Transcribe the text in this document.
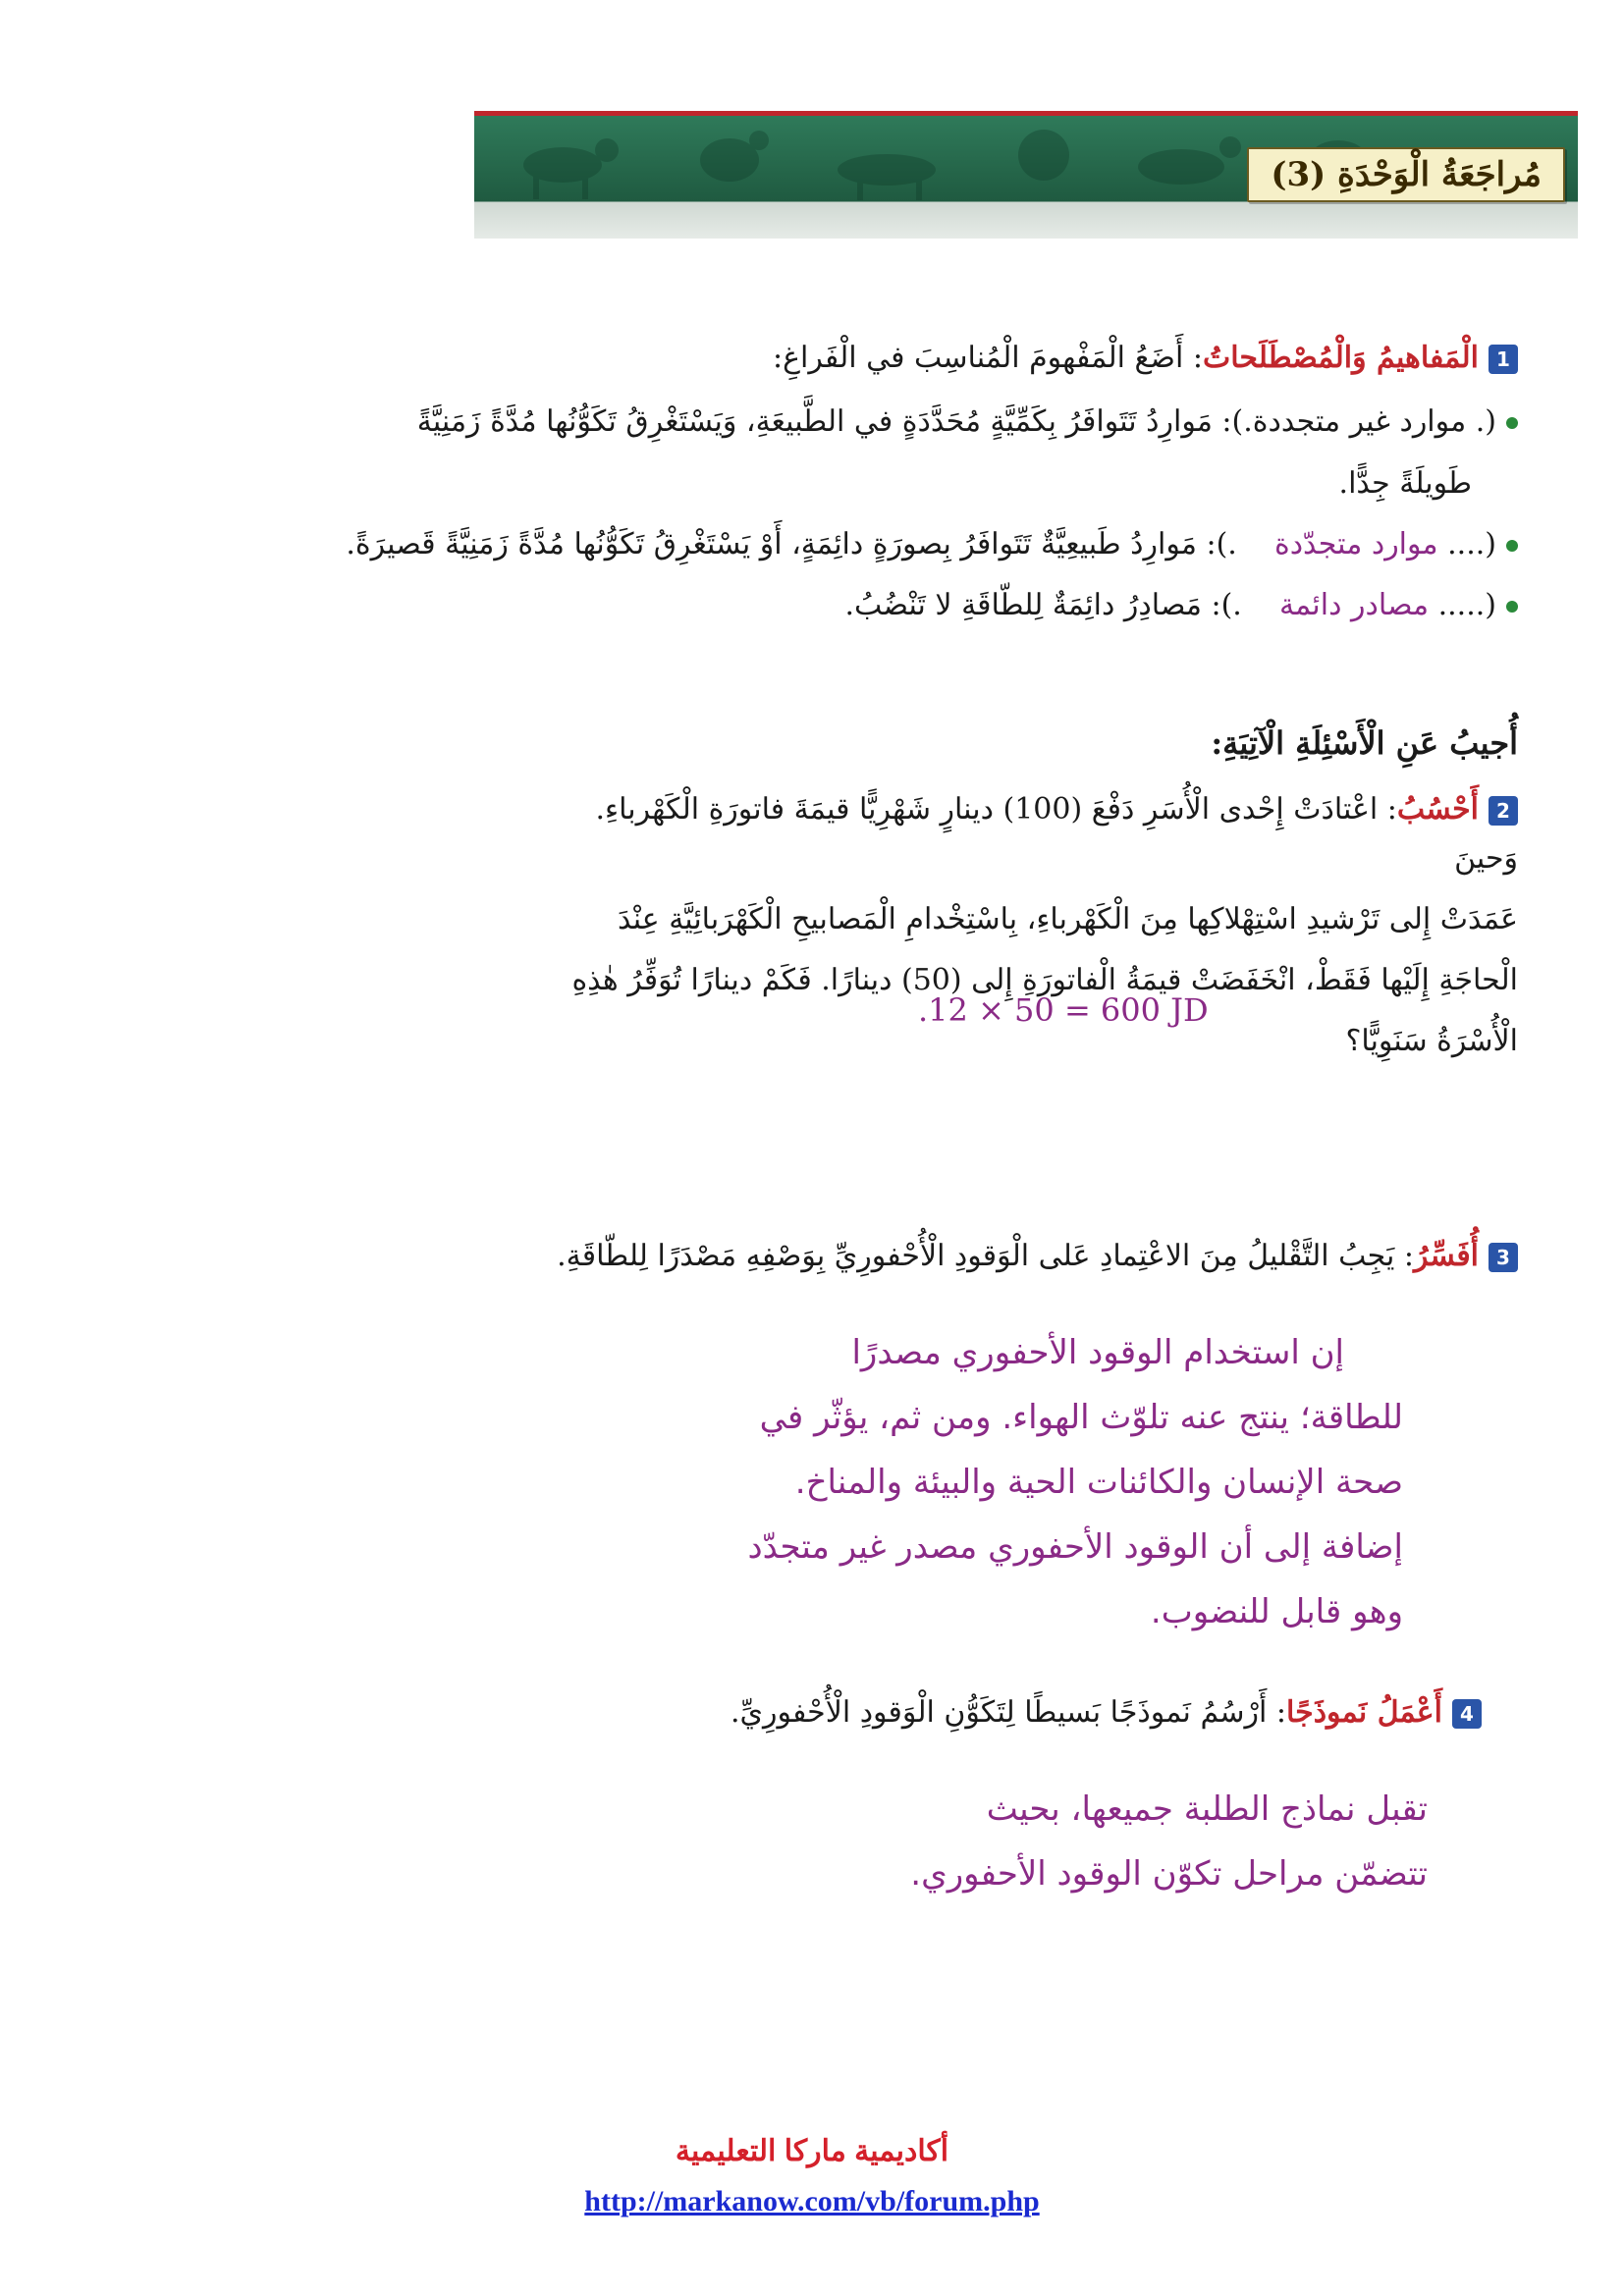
مُراجَعَةُ الْوَحْدَةِ (3)
1الْمَفاهيمُ وَالْمُصْطَلَحاتُ: أَضَعُ الْمَفْهومَ الْمُناسِبَ في الْفَراغِ:
(. موارد غير متجددة.): مَوارِدُ تَتَوافَرُ بِكَمِّيَّةٍ مُحَدَّدَةٍ في الطَّبيعَةِ، وَيَسْتَغْرِقُ تَكَوُّنُها مُدَّةً زَمَنِيَّةً
طَويلَةً جِدًّا.
(.... موارد متجدّدة    .): مَوارِدُ طَبيعِيَّةٌ تَتَوافَرُ بِصورَةٍ دائِمَةٍ، أَوْ يَسْتَغْرِقُ تَكَوُّنُها مُدَّةً زَمَنِيَّةً قَصيرَةً.
(..... مصادر دائمة    .): مَصادِرُ دائِمَةٌ لِلطّاقَةِ لا تَنْضُبُ.
أُجيبُ عَنِ الْأَسْئِلَةِ الْآتِيَةِ:
2أَحْسُبُ: اعْتادَتْ إِحْدى الْأُسَرِ دَفْعَ (100) دينارٍ شَهْرِيًّا قيمَةَ فاتورَةِ الْكَهْرباءِ. وَحينَ
عَمَدَتْ إِلى تَرْشيدِ اسْتِهْلاكِها مِنَ الْكَهْرباءِ، بِاسْتِخْدامِ الْمَصابيحِ الْكَهْرَبائِيَّةِ عِنْدَ
الْحاجَةِ إِلَيْها فَقَطْ، انْخَفَضَتْ قيمَةُ الْفاتورَةِ إِلى (50) دينارًا. فَكَمْ دينارًا تُوَفِّرُ هٰذِهِ
الْأُسْرَةُ سَنَوِيًّا؟
.12 × 50 = 600 JD
3أُفَسِّرُ: يَجِبُ التَّقْليلُ مِنَ الاعْتِمادِ عَلى الْوَقودِ الْأُحْفورِيِّ بِوَصْفِهِ مَصْدَرًا لِلطّاقَةِ.
إن استخدام الوقود الأحفوري مصدرًا
للطاقة؛ ينتج عنه تلوّث الهواء. ومن ثم، يؤثّر في
صحة الإنسان والكائنات الحية والبيئة والمناخ.
إضافة إلى أن الوقود الأحفوري مصدر غير متجدّد
وهو قابل للنضوب.
4أَعْمَلُ نَموذَجًا: أَرْسُمُ نَموذَجًا بَسيطًا لِتَكَوُّنِ الْوَقودِ الْأُحْفورِيِّ.
تقبل نماذج الطلبة جميعها، بحيث
تتضمّن مراحل تكوّن الوقود الأحفوري.
أكاديمية ماركا التعليمية
http://markanow.com/vb/forum.php
